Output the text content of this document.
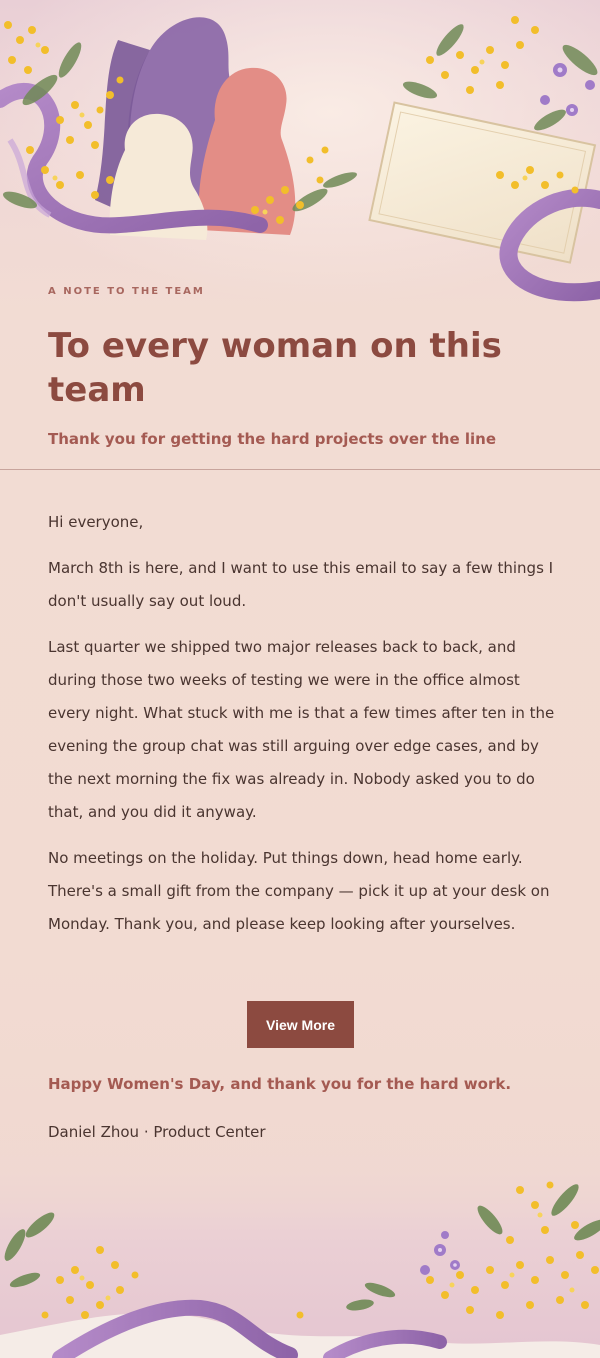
A NOTE TO THE TEAM
To every woman on this team
Thank you for getting the hard projects over the line

Hi everyone,

March 8th is here, and I want to use this email to say a few things I don't usually say out loud.

Last quarter we shipped two major releases back to back, and during those two weeks of testing we were in the office almost every night. What stuck with me is that a few times after ten in the evening the group chat was still arguing over edge cases, and by the next morning the fix was already in. Nobody asked you to do that, and you did it anyway.

No meetings on the holiday. Put things down, head home early. There's a small gift from the company — pick it up at your desk on Monday. Thank you, and please keep looking after yourselves.

View More
Happy Women's Day, and thank you for the hard work.
Daniel Zhou · Product Center
